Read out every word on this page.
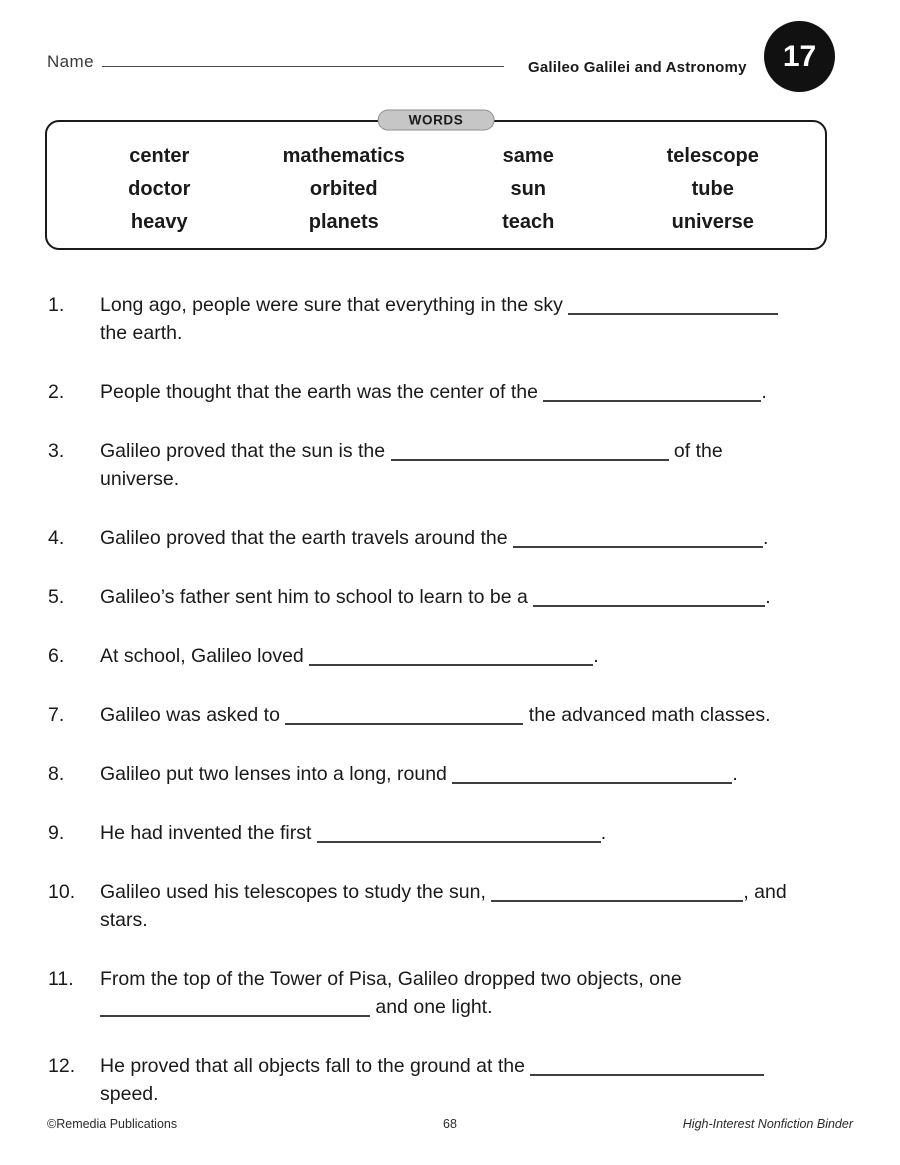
Name	Galileo Galilei and Astronomy	17
WORDS
center	mathematics	same	telescope
doctor	orbited	sun	tube
heavy	planets	teach	universe
1.	Long ago, people were sure that everything in the sky
the earth.
2.	People thought that the earth was the center of the	.
3.	Galileo proved that the sun is the	of the
universe.
4.	Galileo proved that the earth travels around the	.
5.	Galileo’s father sent him to school to learn to be a	.
6.	At school, Galileo loved	.
7.	Galileo was asked to	the advanced math classes.
8.	Galileo put two lenses into a long, round	.
9.	He had invented the first	.
10.	Galileo used his telescopes to study the sun,	, and
stars.
11.	From the top of the Tower of Pisa, Galileo dropped two objects, one
and one light.
12.	He proved that all objects fall to the ground at the
speed.
©Remedia Publications	68	High-Interest Nonfiction Binder
